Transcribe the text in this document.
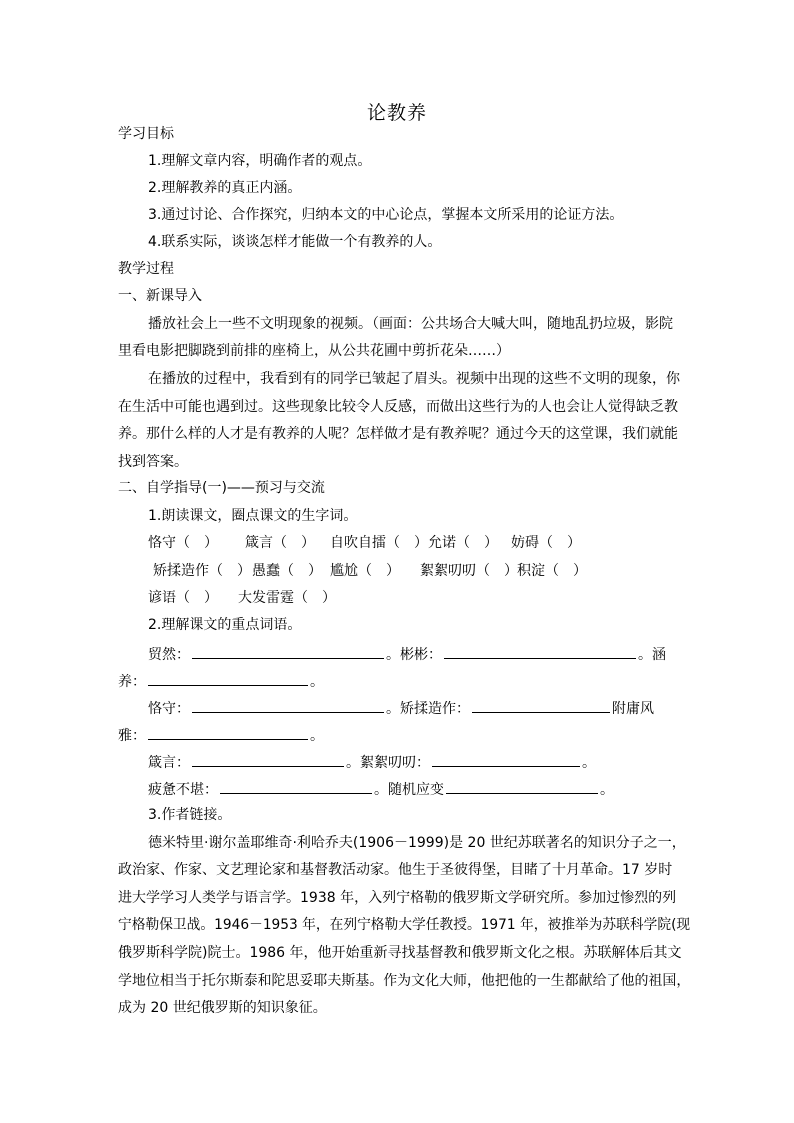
论教养
学习目标
1.理解文章内容，明确作者的观点。
2.理解教养的真正内涵。
3.通过讨论、合作探究，归纳本文的中心论点，掌握本文所采用的论证方法。
4.联系实际，谈谈怎样才能做一个有教养的人。
教学过程
一、新课导入
播放社会上一些不文明现象的视频。（画面：公共场合大喊大叫，随地乱扔垃圾，影院
里看电影把脚跷到前排的座椅上，从公共花圃中剪折花朵……）
在播放的过程中，我看到有的同学已皱起了眉头。视频中出现的这些不文明的现象，你
在生活中可能也遇到过。这些现象比较令人反感，而做出这些行为的人也会让人觉得缺乏教
养。那什么样的人才是有教养的人呢？怎样做才是有教养呢？通过今天的这堂课，我们就能
找到答案。
二、自学指导(一)——预习与交流
1.朗读课文，圈点课文的生字词。
恪守（　） 箴言（　） 自吹自擂（　） 允诺（　） 妨碍（　）
矫揉造作（　） 愚蠢（　） 尴尬（　） 絮絮叨叨（　） 积淀（　）
谚语（　） 大发雷霆（　）
2.理解课文的重点词语。
贸然：	。彬彬：	。涵
养：	。
恪守：	。矫揉造作：	附庸风
雅：	。
箴言：	。絮絮叨叨：	。
疲惫不堪：	。随机应变	。
3.作者链接。
德米特里·谢尔盖耶维奇·利哈乔夫(1906－1999)是 20 世纪苏联著名的知识分子之一，
政治家、作家、文艺理论家和基督教活动家。他生于圣彼得堡，目睹了十月革命。17 岁时
进大学学习人类学与语言学。1938 年，入列宁格勒的俄罗斯文学研究所。参加过惨烈的列
宁格勒保卫战。1946－1953 年，在列宁格勒大学任教授。1971 年，被推举为苏联科学院(现
俄罗斯科学院)院士。1986 年，他开始重新寻找基督教和俄罗斯文化之根。苏联解体后其文
学地位相当于托尔斯泰和陀思妥耶夫斯基。作为文化大师，他把他的一生都献给了他的祖国，
成为 20 世纪俄罗斯的知识象征。
